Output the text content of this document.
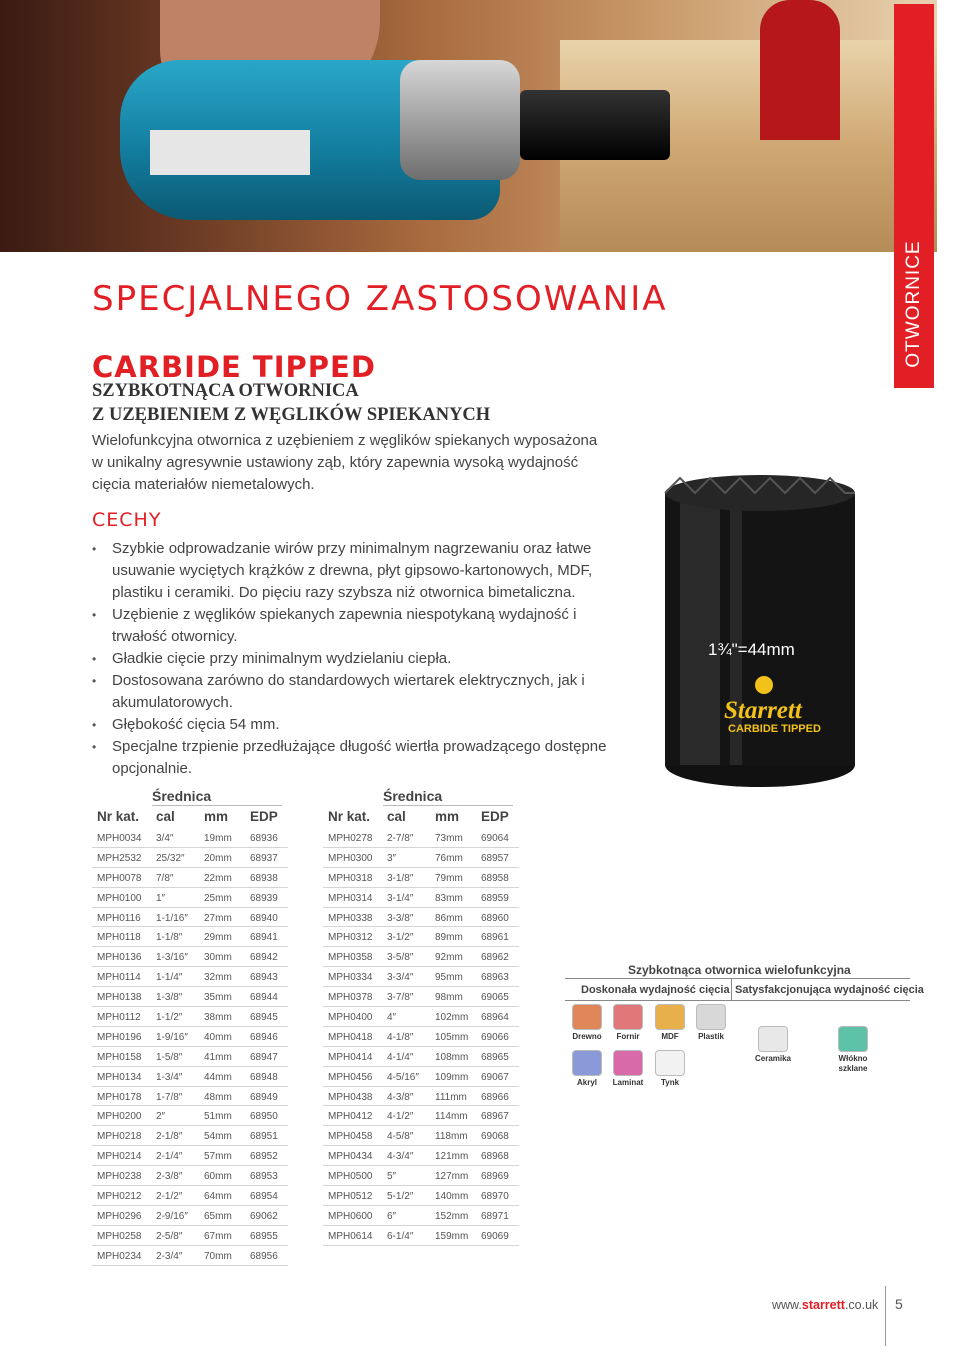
OTWORNICE
SPECJALNEGO ZASTOSOWANIA
CARBIDE TIPPED
SZYBKOTNĄCA OTWORNICA
Z UZĘBIENIEM Z WĘGLIKÓW SPIEKANYCH

Wielofunkcyjna otwornica z uzębieniem z węglików spiekanych wyposażona w unikalny agresywnie ustawiony ząb, który zapewnia wysoką wydajność cięcia materiałów niemetalowych.

CECHY
• Szybkie odprowadzanie wirów przy minimalnym nagrzewaniu oraz łatwe usuwanie wyciętych krążków z drewna, płyt gipsowo-kartonowych, MDF, plastiku i ceramiki. Do pięciu razy szybsza niż otwornica bimetaliczna.
• Uzębienie z węglików spiekanych zapewnia niespotykaną wydajność i trwałość otwornicy.
• Gładkie cięcie przy minimalnym wydzielaniu ciepła.
• Dostosowana zarówno do standardowych wiertarek elektrycznych, jak i akumulatorowych.
• Głębokość cięcia 54 mm.
• Specjalne trzpienie przedłużające długość wiertła prowadzącego dostępne opcjonalnie.
1¾"=44mm
Starrett
CARBIDE TIPPED
Średnica
Nr kat. cal mm EDP
MPH0034 3/4″	19mm 68936
MPH2532 25/32″ 20mm 68937
MPH0078 7/8″	22mm 68938
MPH0100 1″	25mm 68939
MPH0116 1-1/16″ 27mm 68940
MPH0118 1-1/8″ 29mm 68941
MPH0136 1-3/16″ 30mm 68942
MPH0114 1-1/4″ 32mm 68943
MPH0138 1-3/8″ 35mm 68944
MPH0112 1-1/2″ 38mm 68945
MPH0196 1-9/16″ 40mm 68946
MPH0158 1-5/8″ 41mm 68947
MPH0134 1-3/4″ 44mm 68948
MPH0178 1-7/8″ 48mm 68949
MPH0200 2″	51mm 68950
MPH0218 2-1/8″ 54mm 68951
MPH0214 2-1/4″ 57mm 68952
MPH0238 2-3/8″ 60mm 68953
MPH0212 2-1/2″ 64mm 68954
MPH0296 2-9/16″ 65mm 69062
MPH0258 2-5/8″ 67mm 68955
MPH0234 2-3/4″ 70mm 68956
Średnica
Nr kat. cal mm EDP
MPH0278 2-7/8″ 73mm 69064
MPH0300 3″	76mm 68957
MPH0318 3-1/8″ 79mm 68958
MPH0314 3-1/4″ 83mm 68959
MPH0338 3-3/8″ 86mm 68960
MPH0312 3-1/2″ 89mm 68961
MPH0358 3-5/8″ 92mm 68962
MPH0334 3-3/4″ 95mm 68963
MPH0378 3-7/8″ 98mm 69065
MPH0400 4″	102mm 68964
MPH0418 4-1/8″ 105mm 69066
MPH0414 4-1/4″ 108mm 68965
MPH0456 4-5/16″ 109mm 69067
MPH0438 4-3/8″ 111mm 68966
MPH0412 4-1/2″ 114mm 68967
MPH0458 4-5/8″ 118mm 69068
MPH0434 4-3/4″ 121mm 68968
MPH0500 5″	127mm 68969
MPH0512 5-1/2″ 140mm 68970
MPH0600 6″	152mm 68971
MPH0614 6-1/4″ 159mm 69069
Szybkotnąca otwornica wielofunkcyjna
Doskonała wydajność cięcia Satysfakcjonująca wydajność cięcia
Drewno	Fornir	MDF	Plastik
Akryl	Laminat	Tynk
Ceramika	Włókno szklane
www.starrett.co.uk 5
